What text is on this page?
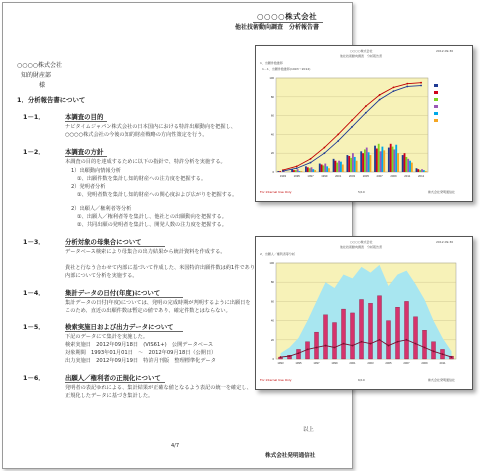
○○○○株式会社
他社技術動向調査　分析報告書
○○○○株式会社
知的財産部
様
1．分析報告書について
1－1．	本調査の目的
ナビタイムジャパン株式会社の日本国内における特許出願動向を把握し、
○○○○株式会社の今後の知的財産戦略の方向性策定を行う。
1－2．	本調査の方針
本調査の目的を達成するために以下の指針で、特許分析を実施する。
1）出願動向情報分析
①、出願件数を集計し知的財産への注力度を把握する。
2）発明者分析
①、発明者数を集計し知的財産への関心度および広がりを把握する。
2）出願人／権利者等分析
①、出願人／権利者等を集計し、他社との出願動向を把握する。
②、共同出願の発明者を集計し、開発人数の注力度を把握する。
1－3．	分析対象の母集合について
データベース検索により母集合の出力結果から統計資料を作成する。
貴社と行なう合わせて内部に基づいて作成した、米国特許出願件数は約1件であり
内部について分析を実施する。
1－4．	集計データの日付(年度)について
集計データの日付(年度)については、発明の完成時期が判明するように出願日を
このため、直近の出願件数は暫定の値であり、確定件数とはならない。
1－5．	検索実施日および出力データについて
下記のデータにて集計を実施した。
検索実施日　2012年09月18日　(VIS61+)　公開データベース
対象期間　1993年01月01日　～　2012年09月18日（公開日）
出力実施日　2012年09月19日　特許月刊版　整理標準化データ
1－6．	出願人／権利者の正規化について
発明者の表記ゆれによる、集計結果が正確な値となるよう表記の統一を確定し、
正規化したデータに基づき集計した。
以上
4/7
株式会社発明通信社
○○○○株式会社
他社技術動向調査　分析報告書
2012.09.30
1．出願件数推移
1－1．出願件数推移(1993～2012)
1993	1995	1997	1999	2001	2003	2005	2007	2009	2011	2012
0
20
40
60
80
100
For Internal Use Only	5/10	株式会社発明通信社
○○○○株式会社
他社技術動向調査　分析報告書
2012.09.30
2．出願人／権利者等分析
1993	1995	1997	1999	2001	2003	2005	2007	2009	2011
0
20
40
60
80
100
For Internal Use Only	6/10	株式会社発明通信社
